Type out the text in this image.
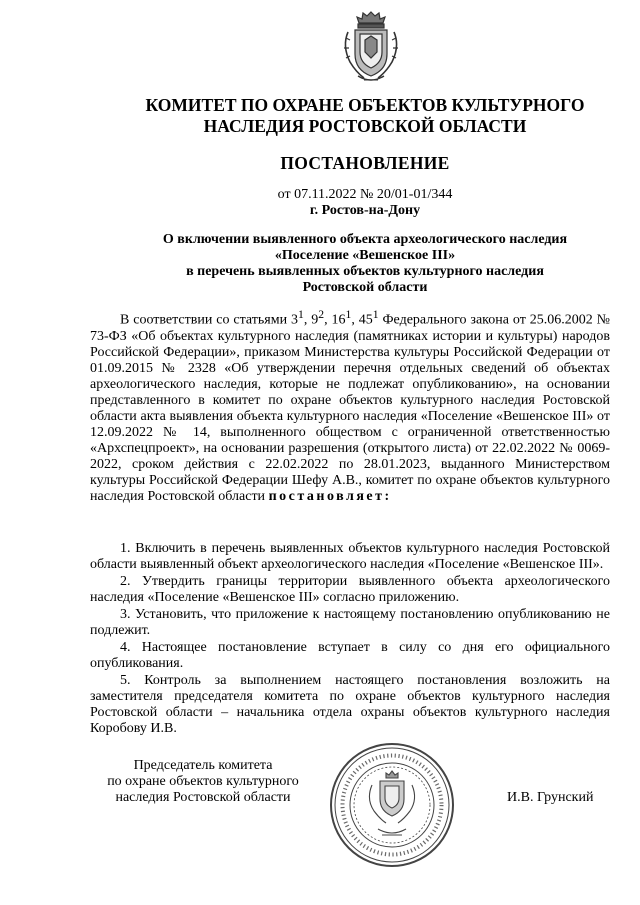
КОМИТЕТ ПО ОХРАНЕ ОБЪЕКТОВ КУЛЬТУРНОГО
НАСЛЕДИЯ РОСТОВСКОЙ ОБЛАСТИ
ПОСТАНОВЛЕНИЕ
от 07.11.2022 № 20/01-01/344
г. Ростов-на-Дону
О включении выявленного объекта археологического наследия
«Поселение «Вешенское III»
в перечень выявленных объектов культурного наследия
Ростовской области

В соответствии со статьями $3^1$, $9^2$, $16^1$, $45^1$ Федерального закона от 25.06.2002 № 73-ФЗ «Об объектах культурного наследия (памятниках истории и культуры) народов Российской Федерации», приказом Министерства культуры Российской Федерации от 01.09.2015 № 2328 «Об утверждении перечня отдельных сведений об объектах археологического наследия, которые не подлежат опубликованию», на основании представленного в комитет по охране объектов культурного наследия Ростовской области акта выявления объекта культурного наследия «Поселение «Вешенское III» от 12.09.2022 № 14, выполненного обществом с ограниченной ответственностью «Архспецпроект», на основании разрешения (открытого листа) от 22.02.2022 № 0069-2022, сроком действия с 22.02.2022 по 28.01.2023, выданного Министерством культуры Российской Федерации Шефу А.В., комитет по охране объектов культурного наследия Ростовской области постановляет:

1. Включить в перечень выявленных объектов культурного наследия Ростовской области выявленный объект археологического наследия «Поселение «Вешенское III».

2. Утвердить границы территории выявленного объекта археологического наследия «Поселение «Вешенское III» согласно приложению.

3. Установить, что приложение к настоящему постановлению опубликованию не подлежит.

4. Настоящее постановление вступает в силу со дня его официального опубликования.

5. Контроль за выполнением настоящего постановления возложить на заместителя председателя комитета по охране объектов культурного наследия Ростовской области – начальника отдела охраны объектов культурного наследия Коробову И.В.

Председатель комитета
по охране объектов культурного
наследия Ростовской области	И.В. Грунский
